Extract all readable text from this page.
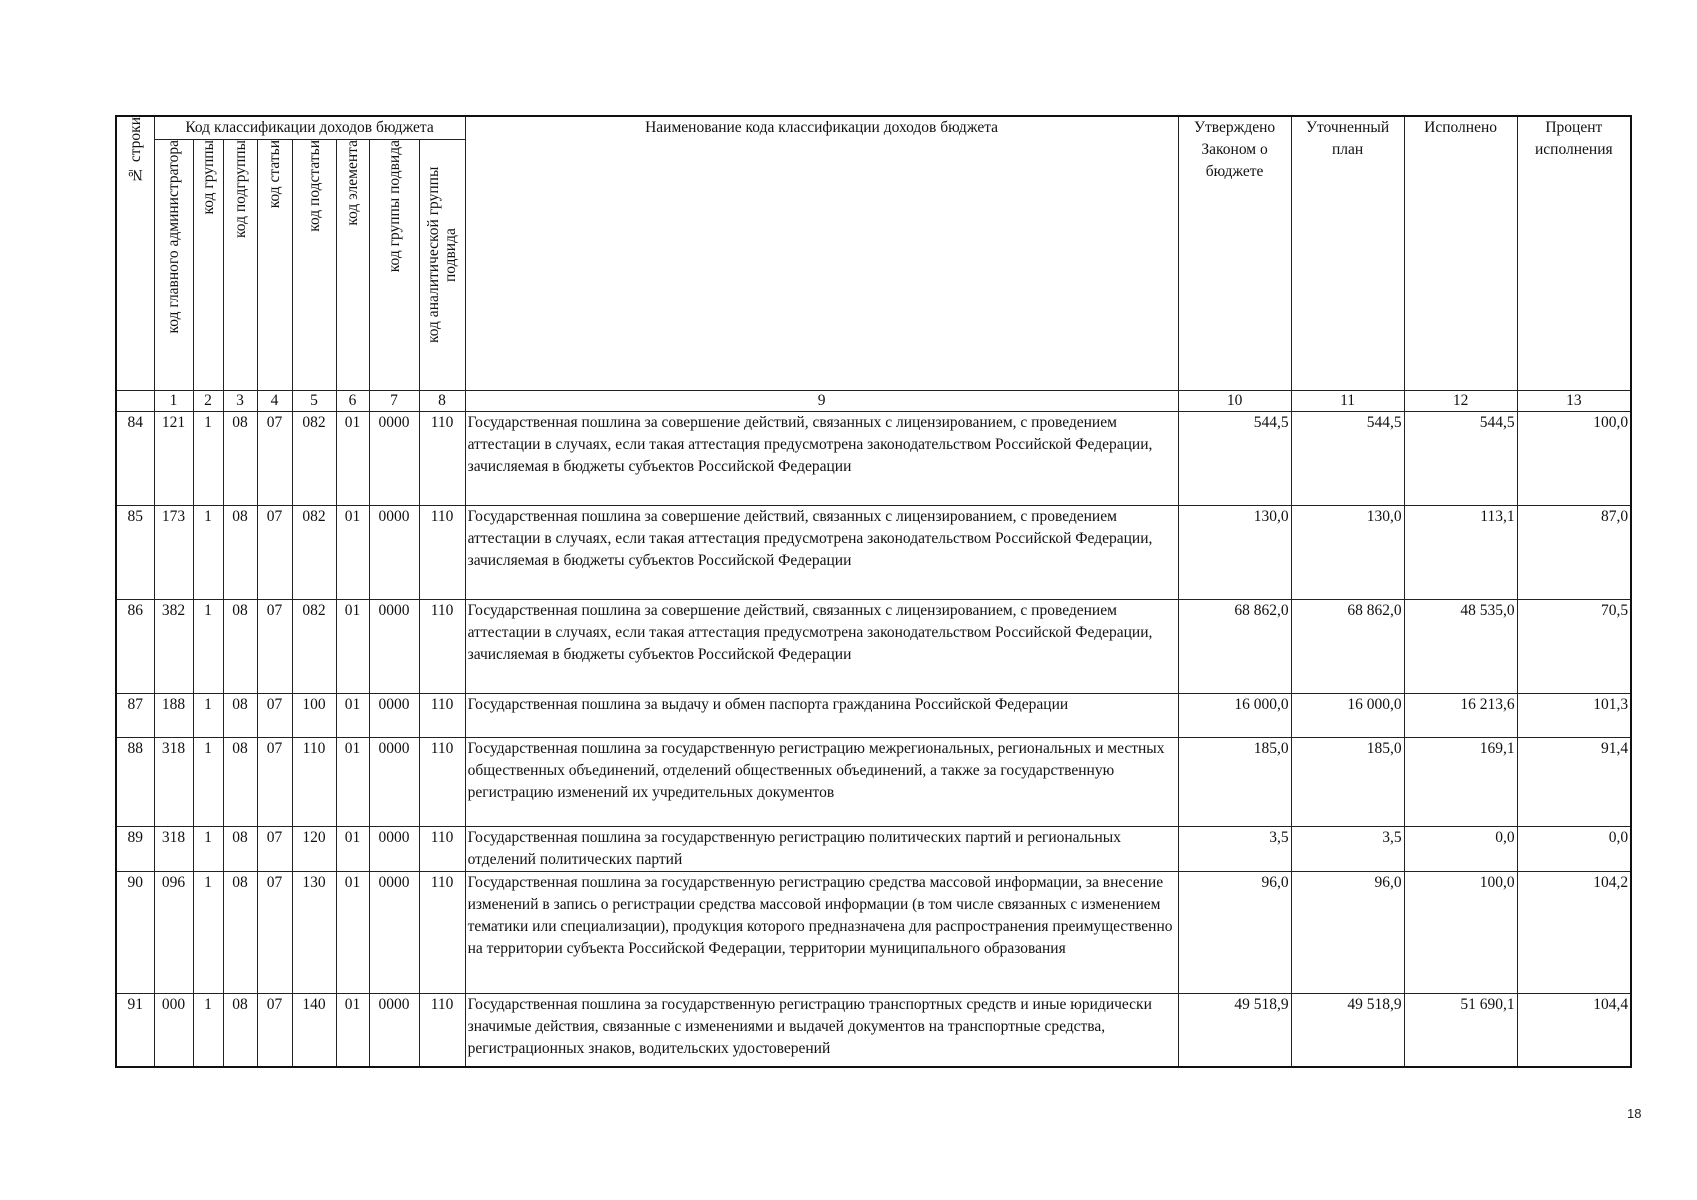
№ строки	Код классификации доходов бюджета								Наименование кода классификации доходов бюджета	Утверждено Законом о бюджете	Уточненный план	Исполнено	Процент исполнения
	код главного администратора	код группы	код подгруппы	код статьи	код подстатьи	код элемента	код группы подвида	код аналитической группы подвида					
	1	2	3	4	5	6	7	8	9	10	11	12	13
84	121	1	08	07	082	01	0000	110	Государственная пошлина за совершение действий, связанных с лицензированием, с проведением аттестации в случаях, если такая аттестация предусмотрена законодательством Российской Федерации, зачисляемая в бюджеты субъектов Российской Федерации	544,5	544,5	544,5	100,0
85	173	1	08	07	082	01	0000	110	Государственная пошлина за совершение действий, связанных с лицензированием, с проведением аттестации в случаях, если такая аттестация предусмотрена законодательством Российской Федерации, зачисляемая в бюджеты субъектов Российской Федерации	130,0	130,0	113,1	87,0
86	382	1	08	07	082	01	0000	110	Государственная пошлина за совершение действий, связанных с лицензированием, с проведением аттестации в случаях, если такая аттестация предусмотрена законодательством Российской Федерации, зачисляемая в бюджеты субъектов Российской Федерации	68 862,0	68 862,0	48 535,0	70,5
87	188	1	08	07	100	01	0000	110	Государственная пошлина за выдачу и обмен паспорта гражданина Российской Федерации	16 000,0	16 000,0	16 213,6	101,3
88	318	1	08	07	110	01	0000	110	Государственная пошлина за государственную регистрацию межрегиональных, региональных и местных общественных объединений, отделений общественных объединений, а также за государственную регистрацию изменений их учредительных документов	185,0	185,0	169,1	91,4
89	318	1	08	07	120	01	0000	110	Государственная пошлина за государственную регистрацию политических партий и региональных отделений политических партий	3,5	3,5	0,0	0,0
90	096	1	08	07	130	01	0000	110	Государственная пошлина за государственную регистрацию средства массовой информации, за внесение изменений в запись о регистрации средства массовой информации (в том числе связанных с изменением тематики или специализации), продукция которого предназначена для распространения преимущественно на территории субъекта Российской Федерации, территории муниципального образования	96,0	96,0	100,0	104,2
91	000	1	08	07	140	01	0000	110	Государственная пошлина за государственную регистрацию транспортных средств и иные юридически значимые действия, связанные с изменениями и выдачей документов на транспортные средства, регистрационных знаков, водительских удостоверений	49 518,9	49 518,9	51 690,1	104,4
18
